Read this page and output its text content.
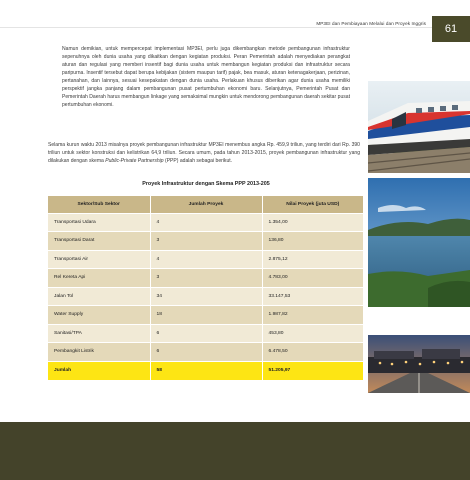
MP3EI dan Pembiayaan Melalui dan Proyek Inggris	61
Namun demikian, untuk mempercepat implementasi MP3EI, perlu juga dikembangkan metode pembangunan infrastruktur sepenuhnya oleh dunia usaha yang dikaitkan dengan kegiatan produksi. Peran Pemerintah adalah menyediakan perangkat aturan dan regulasi yang memberi insentif bagi dunia usaha untuk membangun kegiatan produksi dan infrastruktur secara paripurna. Insentif tersebut dapat berupa kebijakan (sistem maupun tarif) pajak, bea masuk, aturan ketenagakerjaan, perizinan, pertanahan, dan lainnya, sesuai kesepakatan dengan dunia usaha. Perlakuan khusus diberikan agar dunia usaha memiliki perspektif jangka panjang dalam pembangunan pusat pertumbuhan ekonomi baru. Selanjutnya, Pemerintah Pusat dan Pemerintah Daerah harus membangun linkage yang semaksimal mungkin untuk mendorong pembangunan daerah sekitar pusat pertumbuhan ekonomi.
Selama kurun waktu 2013 misalnya proyek pembangunan infrastruktur MP3EI menembus angka Rp. 459,9 triliun, yang terdiri dari Rp. 390 triliun untuk sektor konstruksi dan kelistrikan 64,9 triliun. Secara umum, pada tahun 2013-2015, proyek pembangunan infrastruktur yang dilakukan dengan skema Public-Private Partnership (PPP) adalah sebagai berikut.
Proyek Infrastruktur dengan Skema PPP 2013-205
Sektor/Sub Sektor	Jumlah Proyek	Nilai Proyek (juta USD)
Transportasi Udara	4	1.354,00
Transportasi Darat	3	136,80
Transportasi Air	4	2.875,12
Rel Kereta Api	3	4.783,00
Jalan Tol	34	33.147,53
Water Supply	18	1.987,82
Sanitasi/TPA	6	453,80
Pembangkit Listrik	6	6.478,50
Jumlah	58	51.205,97
